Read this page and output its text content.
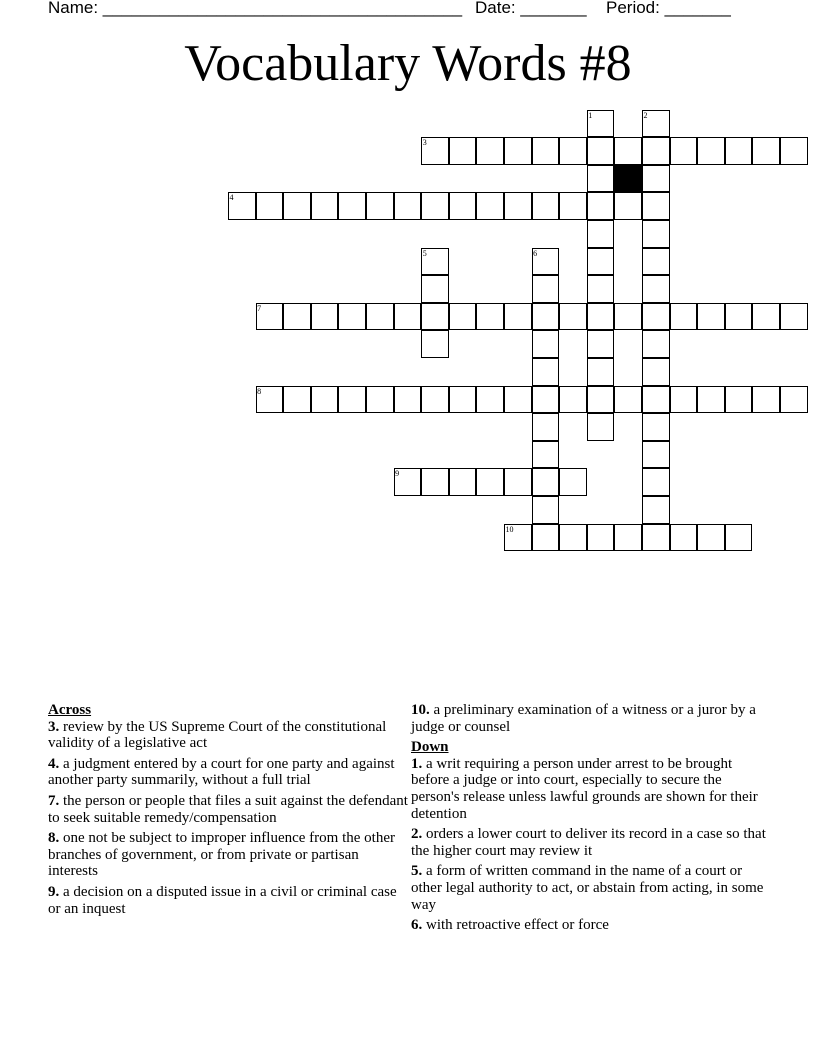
Name: ______________________________________ Date: _______ Period: _______
Vocabulary Words #8
1	2
3
4
5	6
7
8
9
10
Across
3. review by the US Supreme Court of the constitutional validity of a legislative act
4. a judgment entered by a court for one party and against another party summarily, without a full trial
7. the person or people that files a suit against the defendant to seek suitable remedy/compensation
8. one not be subject to improper influence from the other branches of government, or from private or partisan interests
9. a decision on a disputed issue in a civil or criminal case or an inquest
10. a preliminary examination of a witness or a juror by a judge or counsel
Down
1. a writ requiring a person under arrest to be brought before a judge or into court, especially to secure the person's release unless lawful grounds are shown for their detention
2. orders a lower court to deliver its record in a case so that the higher court may review it
5. a form of written command in the name of a court or other legal authority to act, or abstain from acting, in some way
6. with retroactive effect or force
